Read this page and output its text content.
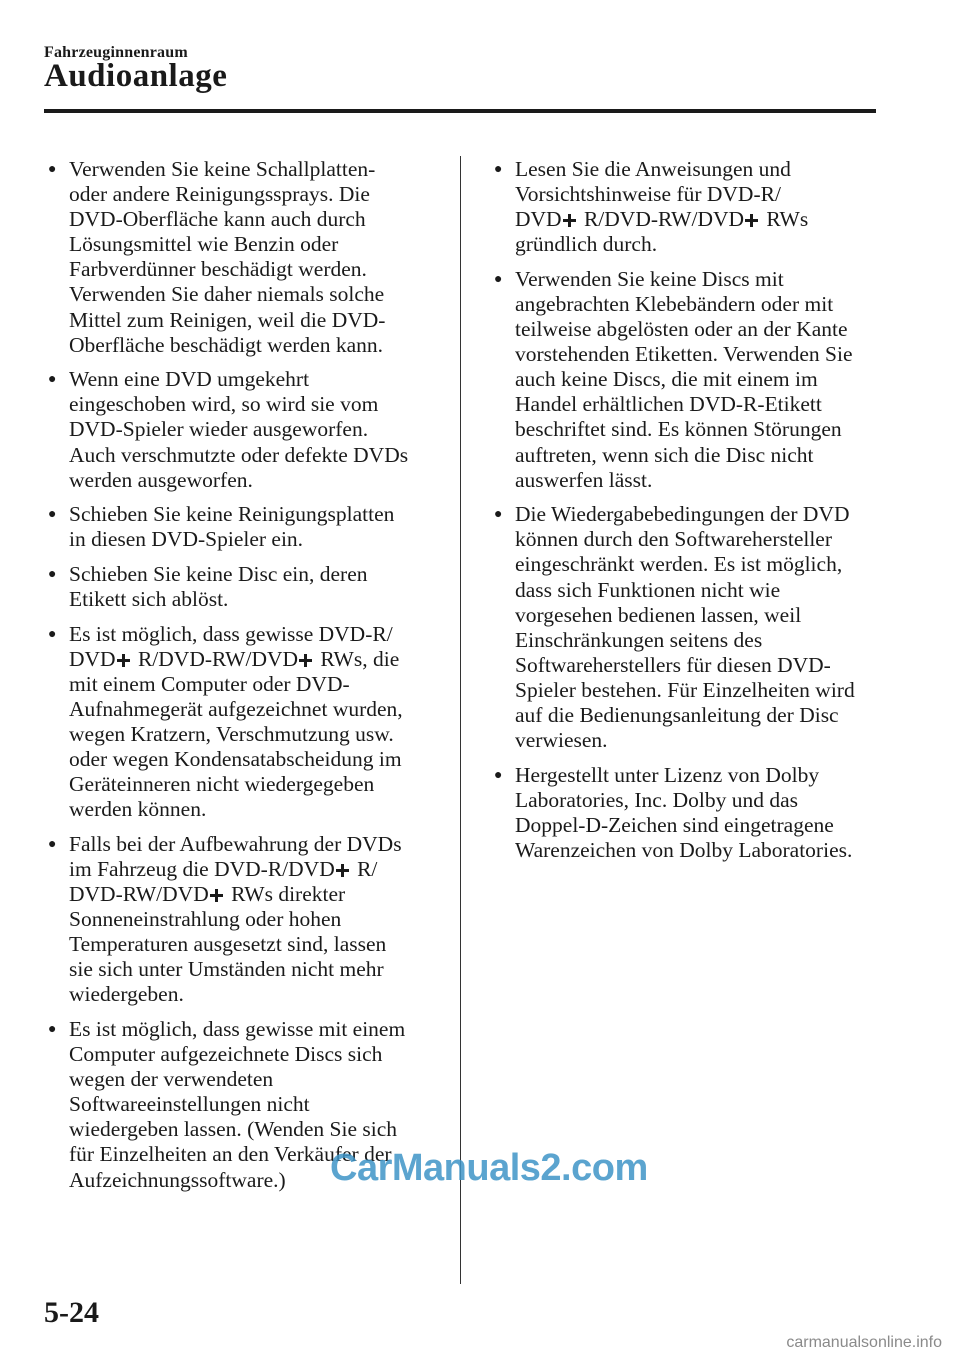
Fahrzeuginnenraum
Audioanlage
● Verwenden Sie keine Schallplatten-
oder andere Reinigungssprays. Die
DVD-Oberfläche kann auch durch
Lösungsmittel wie Benzin oder
Farbverdünner beschädigt werden.
Verwenden Sie daher niemals solche
Mittel zum Reinigen, weil die DVD-
Oberfläche beschädigt werden kann.
● Wenn eine DVD umgekehrt
eingeschoben wird, so wird sie vom
DVD-Spieler wieder ausgeworfen.
Auch verschmutzte oder defekte DVDs
werden ausgeworfen.
● Schieben Sie keine Reinigungsplatten
in diesen DVD-Spieler ein.
● Schieben Sie keine Disc ein, deren
Etikett sich ablöst.
● Es ist möglich, dass gewisse DVD-R/
DVD R/DVD-RW/DVD RWs, die
mit einem Computer oder DVD-
Aufnahmegerät aufgezeichnet wurden,
wegen Kratzern, Verschmutzung usw.
oder wegen Kondensatabscheidung im
Geräteinneren nicht wiedergegeben
werden können.
● Falls bei der Aufbewahrung der DVDs
im Fahrzeug die DVD-R/DVD R/
DVD-RW/DVD RWs direkter
Sonneneinstrahlung oder hohen
Temperaturen ausgesetzt sind, lassen
sie sich unter Umständen nicht mehr
wiedergeben.
● Es ist möglich, dass gewisse mit einem
Computer aufgezeichnete Discs sich
wegen der verwendeten
Softwareeinstellungen nicht
wiedergeben lassen. (Wenden Sie sich
für Einzelheiten an den Verkäufer der
Aufzeichnungssoftware.)
● Lesen Sie die Anweisungen und
Vorsichtshinweise für DVD-R/
DVD R/DVD-RW/DVD RWs
gründlich durch.
● Verwenden Sie keine Discs mit
angebrachten Klebebändern oder mit
teilweise abgelösten oder an der Kante
vorstehenden Etiketten. Verwenden Sie
auch keine Discs, die mit einem im
Handel erhältlichen DVD-R-Etikett
beschriftet sind. Es können Störungen
auftreten, wenn sich die Disc nicht
auswerfen lässt.
● Die Wiedergabebedingungen der DVD
können durch den Softwarehersteller
eingeschränkt werden. Es ist möglich,
dass sich Funktionen nicht wie
vorgesehen bedienen lassen, weil
Einschränkungen seitens des
Softwareherstellers für diesen DVD-
Spieler bestehen. Für Einzelheiten wird
auf die Bedienungsanleitung der Disc
verwiesen.
● Hergestellt unter Lizenz von Dolby
Laboratories, Inc. Dolby und das
Doppel-D-Zeichen sind eingetragene
Warenzeichen von Dolby Laboratories.
5-24
CarManuals2.com
carmanualsonline.info
